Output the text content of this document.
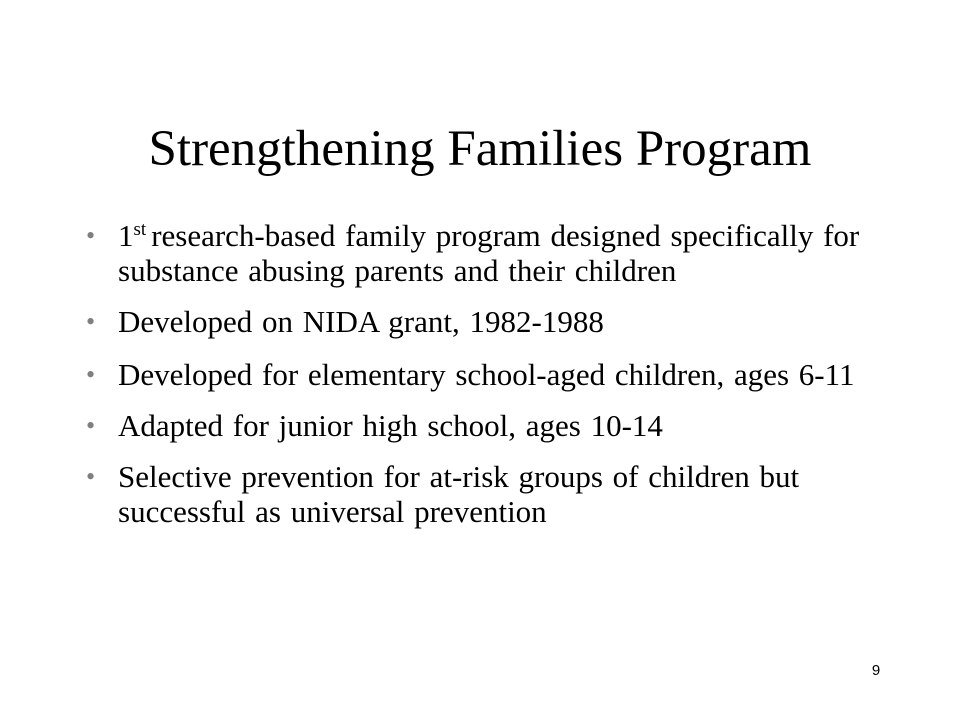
Strengthening Families Program
• 1st research-based family program designed specifically for substance abusing parents and their children
• Developed on NIDA grant, 1982-1988
• Developed for elementary school-aged children, ages 6-11
• Adapted for junior high school, ages 10-14
• Selective prevention for at-risk groups of children but successful as universal prevention
9
